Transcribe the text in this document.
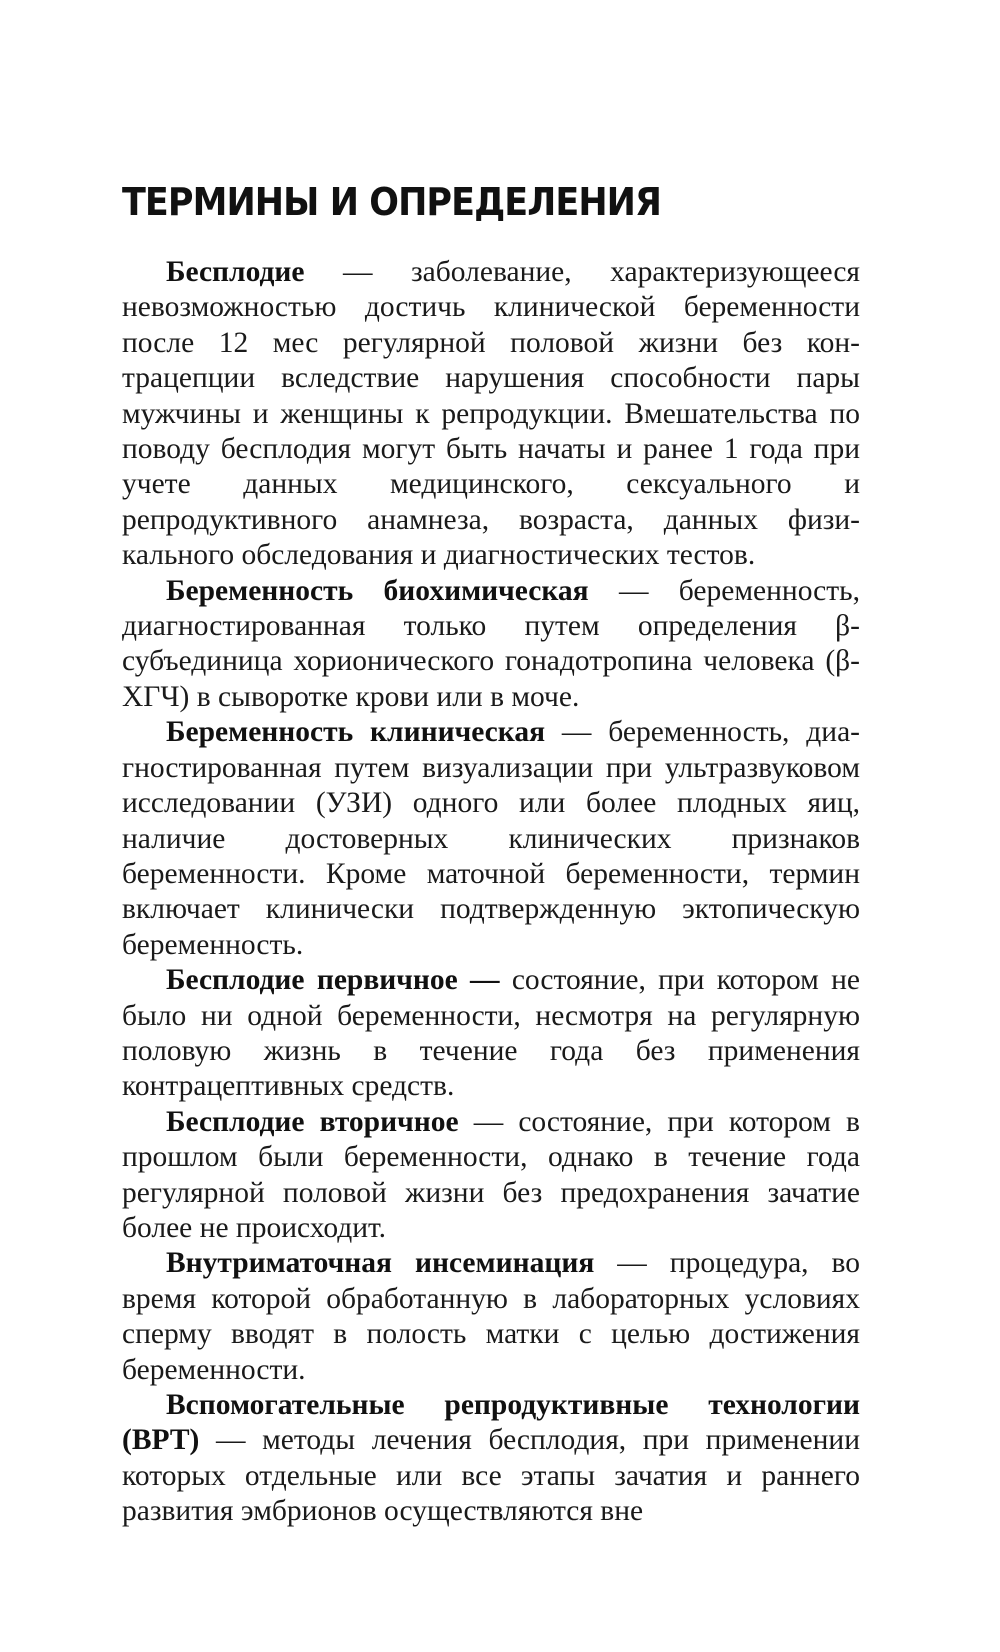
ТЕРМИНЫ И ОПРЕДЕЛЕНИЯ

Бесплодие — заболевание, характеризующееся невозможностью достичь клинической беременности после 12 мес регулярной половой жизни без контрацепции вследствие нарушения способности пары мужчины и женщины к репродукции. Вмешательства по поводу бесплодия могут быть начаты и ранее 1 года при учете данных медицинского, сексуального и репродуктивного анамнеза, возраста, данных физикального обследования и диагностических тестов.

Беременность биохимическая — беременность, диагностированная только путем определения β-субъединица хорионического гонадотропина человека (β-ХГЧ) в сыворотке крови или в моче.

Беременность клиническая — беременность, диагностированная путем визуализации при ультразвуковом исследовании (УЗИ) одного или более плодных яиц, наличие достоверных клинических признаков беременности. Кроме маточной беременности, термин включает клинически подтвержденную эктопическую беременность.

Бесплодие первичное — состояние, при котором не было ни одной беременности, несмотря на регулярную половую жизнь в течение года без применения контрацептивных средств.

Бесплодие вторичное — состояние, при котором в прошлом были беременности, однако в течение года регулярной половой жизни без предохранения зачатие более не происходит.

Внутриматочная инсеминация — процедура, во время которой обработанную в лабораторных условиях сперму вводят в полость матки с целью достижения беременности.

Вспомогательные репродуктивные технологии (ВРТ) — методы лечения бесплодия, при применении которых отдельные или все этапы зачатия и раннего развития эмбрионов осуществляются вне
